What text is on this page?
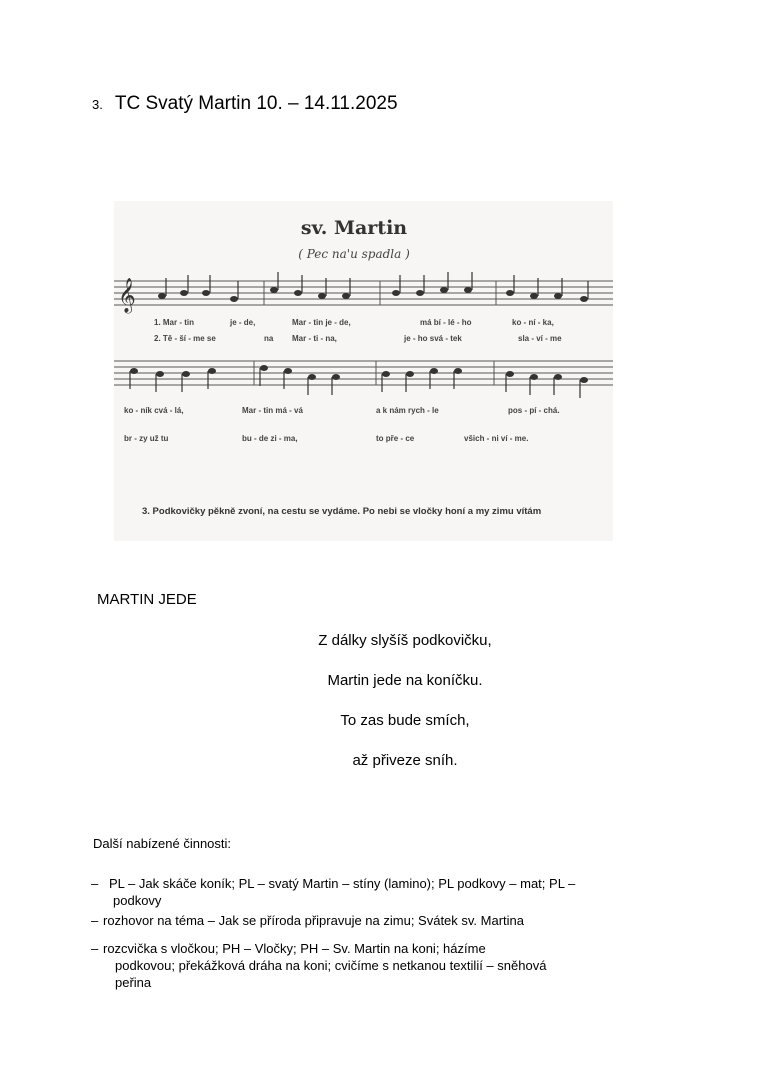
3. TC Svatý Martin 10. – 14.11.2025
sv. Martin
( Pec na'u spadla )
𝄞
1. Mar - tin	je - de,	Mar - tin je - de,	má bí - lé - ho	ko - ní - ka,
2. Tě - ší - me se	na Mar - ti - na,	je - ho svá - tek	sla - ví - me
ko - ník cvá - lá,	Mar - tin má - vá	a k nám rych - le	pos - pí - chá.
br - zy už tu	bu - de zi - ma,	to pře - ce	všich - ni ví - me.
3. Podkovičky pěkně zvoní, na cestu se vydáme. Po nebi se vločky honí a my zimu vítám
MARTIN JEDE
Z dálky slyšíš podkovičku,
Martin jede na koníčku.
To zas bude smích,
až přiveze sníh.
Další nabízené činnosti:
– PL – Jak skáče koník; PL – svatý Martin – stíny (lamino); PL podkovy – mat; PL –
podkovy
– rozhovor na téma – Jak se příroda připravuje na zimu; Svátek sv. Martina
– rozcvička s vločkou; PH – Vločky; PH – Sv. Martin na koni; házíme
podkovou; překážková dráha na koni; cvičíme s netkanou textilií – sněhová
peřina
